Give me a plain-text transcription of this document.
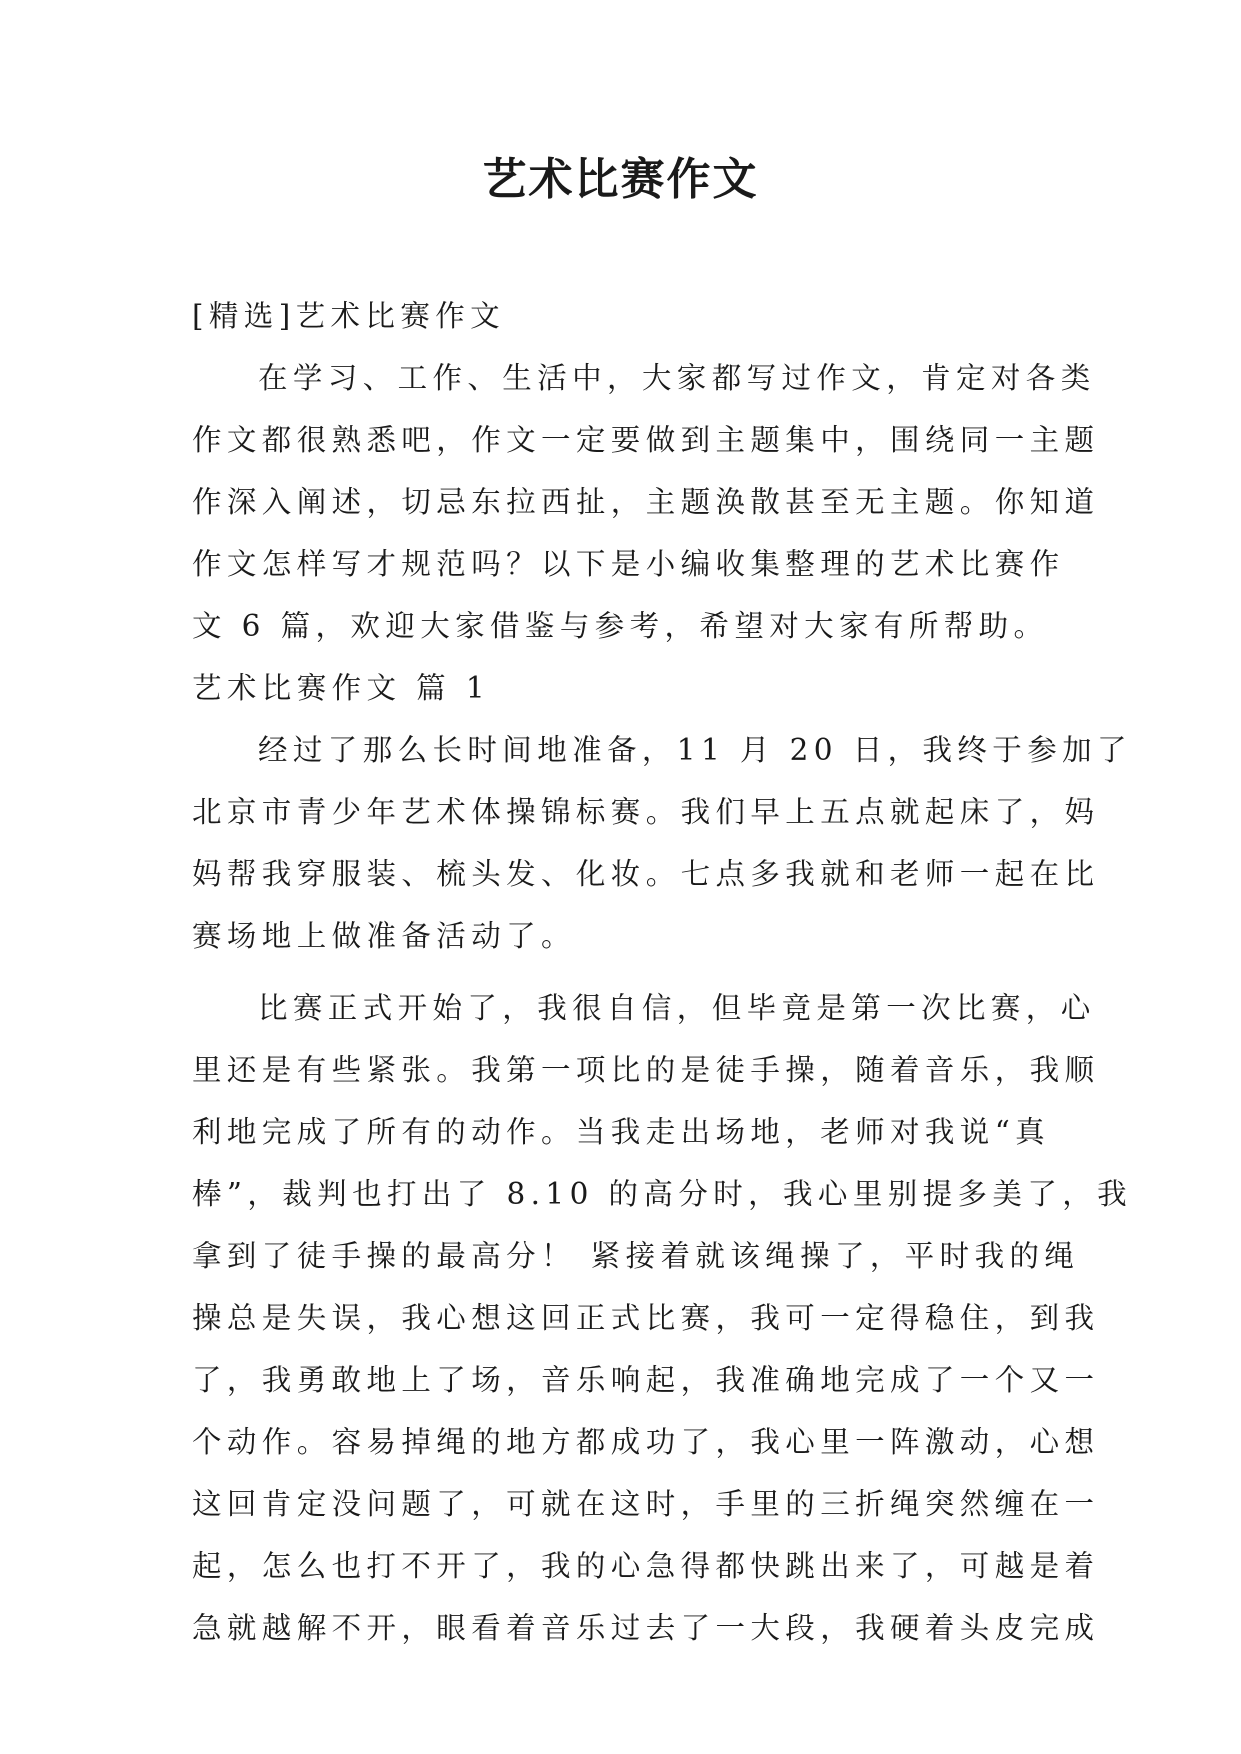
艺术比赛作文

[精选]艺术比赛作文

在学习、工作、生活中，大家都写过作文，肯定对各类

作文都很熟悉吧，作文一定要做到主题集中，围绕同一主题

作深入阐述，切忌东拉西扯，主题涣散甚至无主题。你知道

作文怎样写才规范吗？以下是小编收集整理的艺术比赛作

文 6 篇，欢迎大家借鉴与参考，希望对大家有所帮助。

艺术比赛作文 篇 1

经过了那么长时间地准备，11 月 20 日，我终于参加了

北京市青少年艺术体操锦标赛。我们早上五点就起床了，妈

妈帮我穿服装、梳头发、化妆。七点多我就和老师一起在比

赛场地上做准备活动了。

比赛正式开始了，我很自信，但毕竟是第一次比赛，心

里还是有些紧张。我第一项比的是徒手操，随着音乐，我顺

利地完成了所有的动作。当我走出场地，老师对我说“真

棒”，裁判也打出了 8.10 的高分时，我心里别提多美了，我

拿到了徒手操的最高分！ 紧接着就该绳操了，平时我的绳

操总是失误，我心想这回正式比赛，我可一定得稳住，到我

了，我勇敢地上了场，音乐响起，我准确地完成了一个又一

个动作。容易掉绳的地方都成功了，我心里一阵激动，心想

这回肯定没问题了，可就在这时，手里的三折绳突然缠在一

起，怎么也打不开了，我的心急得都快跳出来了，可越是着

急就越解不开，眼看着音乐过去了一大段，我硬着头皮完成
